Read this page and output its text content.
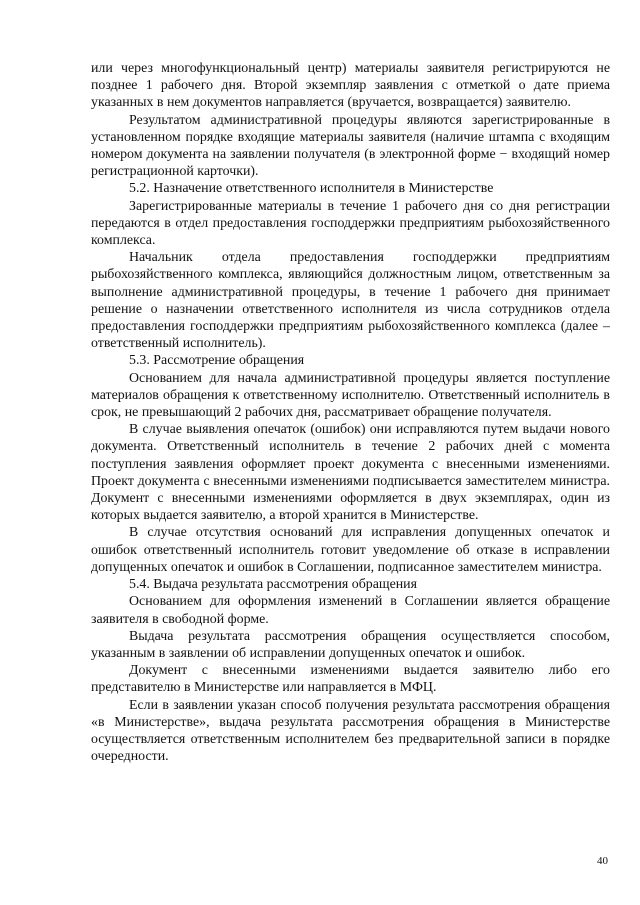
или через многофункциональный центр) материалы заявителя регистрируются не позднее 1 рабочего дня. Второй экземпляр заявления с отметкой о дате приема указанных в нем документов направляется (вручается, возвращается) заявителю.

Результатом административной процедуры являются зарегистрированные в установленном порядке входящие материалы заявителя (наличие штампа с входящим номером документа на заявлении получателя (в электронной форме − входящий номер регистрационной карточки).

5.2. Назначение ответственного исполнителя в Министерстве

Зарегистрированные материалы в течение 1 рабочего дня со дня регистрации передаются в отдел предоставления господдержки предприятиям рыбохозяйственного комплекса.

Начальник отдела предоставления господдержки предприятиям рыбохозяйственного комплекса, являющийся должностным лицом, ответственным за выполнение административной процедуры, в течение 1 рабочего дня принимает решение о назначении ответственного исполнителя из числа сотрудников отдела предоставления господдержки предприятиям рыбохозяйственного комплекса (далее – ответственный исполнитель).

5.3. Рассмотрение обращения

Основанием для начала административной процедуры является поступление материалов обращения к ответственному исполнителю. Ответственный исполнитель в срок, не превышающий 2 рабочих дня, рассматривает обращение получателя.

В случае выявления опечаток (ошибок) они исправляются путем выдачи нового документа. Ответственный исполнитель в течение 2 рабочих дней с момента поступления заявления оформляет проект документа с внесенными изменениями. Проект документа с внесенными изменениями подписывается заместителем министра. Документ с внесенными изменениями оформляется в двух экземплярах, один из которых выдается заявителю, а второй хранится в Министерстве.

В случае отсутствия оснований для исправления допущенных опечаток и ошибок ответственный исполнитель готовит уведомление об отказе в исправлении допущенных опечаток и ошибок в Соглашении, подписанное заместителем министра.

5.4. Выдача результата рассмотрения обращения

Основанием для оформления изменений в Соглашении является обращение заявителя в свободной форме.

Выдача результата рассмотрения обращения осуществляется способом, указанным в заявлении об исправлении допущенных опечаток и ошибок.

Документ с внесенными изменениями выдается заявителю либо его представителю в Министерстве или направляется в МФЦ.

Если в заявлении указан способ получения результата рассмотрения обращения «в Министерстве», выдача результата рассмотрения обращения в Министерстве осуществляется ответственным исполнителем без предварительной записи в порядке очередности.

40
